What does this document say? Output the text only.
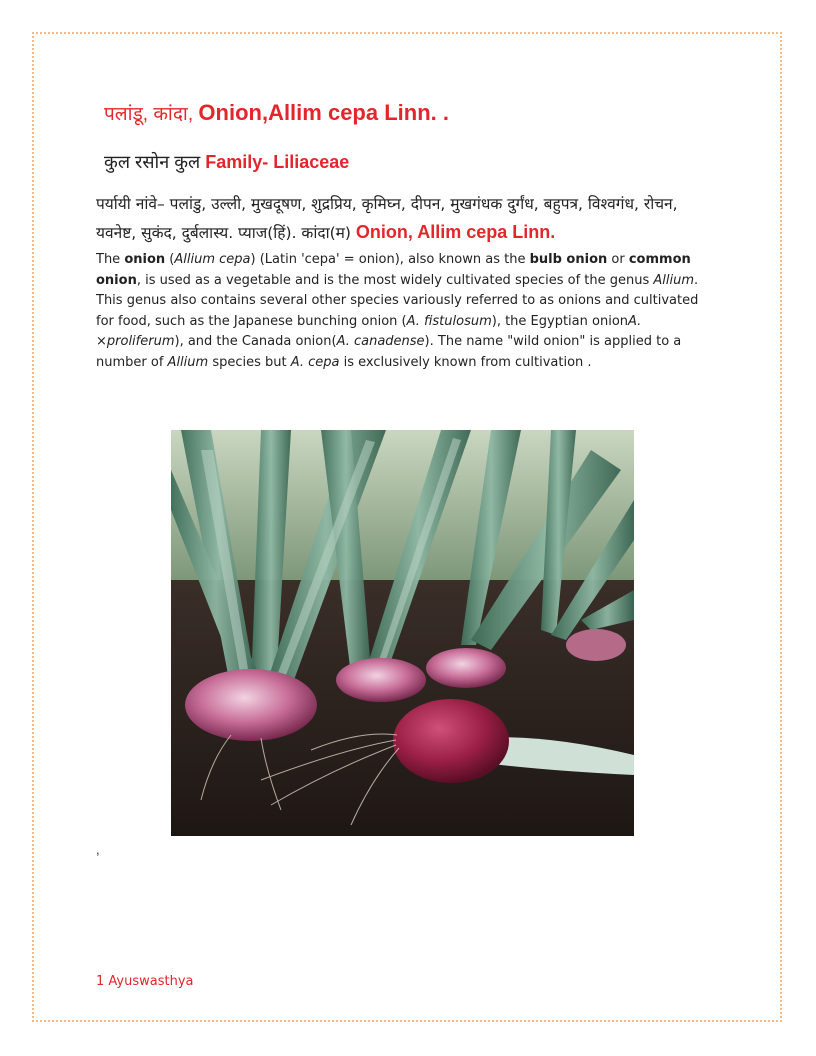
पलांडू, कांदा, Onion,Allim cepa Linn. .
कुल रसोन कुल Family- Liliaceae
पर्यायी नांवे– पलांडु, उल्ली, मुखदूषण, शुद्रप्रिय, कृमिघ्न, दीपन, मुखगंधक दुर्गंध, बहुपत्र, विश्वगंध, रोचन, यवनेष्ट, सुकंद, दुर्बलास्य. प्याज(हिं). कांदा(म) Onion, Allim cepa Linn.
The onion (Allium cepa) (Latin 'cepa' = onion), also known as the bulb onion or common onion, is used as a vegetable and is the most widely cultivated species of the genus Allium. This genus also contains several other species variously referred to as onions and cultivated for food, such as the Japanese bunching onion (A. fistulosum), the Egyptian onionA. ×proliferum), and the Canada onion(A. canadense). The name "wild onion" is applied to a number of Allium species but A. cepa is exclusively known from cultivation .
,
1 Ayuswasthya
